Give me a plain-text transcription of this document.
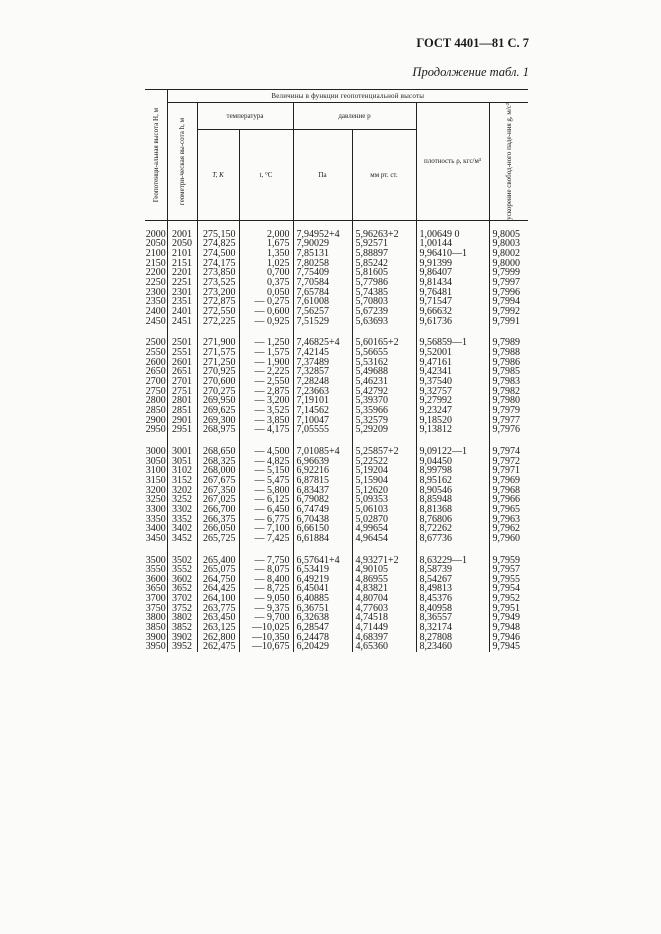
ГОСТ 4401—81 С. 7
Продолжение табл. 1
Геопотенци-альная высота H, м	Величины в функции геопотенциальной высоты						

	геометри-ческая вы-сота h, м	температура		давление p		плотность ρ, кгс/м³	ускорение свобод-ного паде-ния g, м/с²

		T, K	t, °C	Па	мм рт. ст.		

2000	2001	275,150	2,000	7,94952+4	5,96263+2	1,00649 0	9,8005
2050	2050	274,825	1,675	7,90029	5,92571	1,00144	9,8003
2100	2101	274,500	1,350	7,85131	5,88897	9,96410—1	9,8002
2150	2151	274,175	1,025	7,80258	5,85242	9,91399	9,8000
2200	2201	273,850	0,700	7,75409	5,81605	9,86407	9,7999
2250	2251	273,525	0,375	7,70584	5,77986	9,81434	9,7997
2300	2301	273,200	0,050	7,65784	5,74385	9,76481	9,7996
2350	2351	272,875	— 0,275	7,61008	5,70803	9,71547	9,7994
2400	2401	272,550	— 0,600	7,56257	5,67239	9,66632	9,7992
2450	2451	272,225	— 0,925	7,51529	5,63693	9,61736	9,7991

2500	2501	271,900	— 1,250	7,46825+4	5,60165+2	9,56859—1	9,7989
2550	2551	271,575	— 1,575	7,42145	5,56655	9,52001	9,7988
2600	2601	271,250	— 1,900	7,37489	5,53162	9,47161	9,7986
2650	2651	270,925	— 2,225	7,32857	5,49688	9,42341	9,7985
2700	2701	270,600	— 2,550	7,28248	5,46231	9,37540	9,7983
2750	2751	270,275	— 2,875	7,23663	5,42792	9,32757	9,7982
2800	2801	269,950	— 3,200	7,19101	5,39370	9,27992	9,7980
2850	2851	269,625	— 3,525	7,14562	5,35966	9,23247	9,7979
2900	2901	269,300	— 3,850	7,10047	5,32579	9,18520	9,7977
2950	2951	268,975	— 4,175	7,05555	5,29209	9,13812	9,7976

3000	3001	268,650	— 4,500	7,01085+4	5,25857+2	9,09122—1	9,7974
3050	3051	268,325	— 4,825	6,96639	5,22522	9,04450	9,7972
3100	3102	268,000	— 5,150	6,92216	5,19204	8,99798	9,7971
3150	3152	267,675	— 5,475	6,87815	5,15904	8,95162	9,7969
3200	3202	267,350	— 5,800	6,83437	5,12620	8,90546	9,7968
3250	3252	267,025	— 6,125	6,79082	5,09353	8,85948	9,7966
3300	3302	266,700	— 6,450	6,74749	5,06103	8,81368	9,7965
3350	3352	266,375	— 6,775	6,70438	5,02870	8,76806	9,7963
3400	3402	266,050	— 7,100	6,66150	4,99654	8,72262	9,7962
3450	3452	265,725	— 7,425	6,61884	4,96454	8,67736	9,7960

3500	3502	265,400	— 7,750	6,57641+4	4,93271+2	8,63229—1	9,7959
3550	3552	265,075	— 8,075	6,53419	4,90105	8,58739	9,7957
3600	3602	264,750	— 8,400	6,49219	4,86955	8,54267	9,7955
3650	3652	264,425	— 8,725	6,45041	4,83821	8,49813	9,7954
3700	3702	264,100	— 9,050	6,40885	4,80704	8,45376	9,7952
3750	3752	263,775	— 9,375	6,36751	4,77603	8,40958	9,7951
3800	3802	263,450	— 9,700	6,32638	4,74518	8,36557	9,7949
3850	3852	263,125	—10,025	6,28547	4,71449	8,32174	9,7948
3900	3902	262,800	—10,350	6,24478	4,68397	8,27808	9,7946
3950	3952	262,475	—10,675	6,20429	4,65360	8,23460	9,7945
